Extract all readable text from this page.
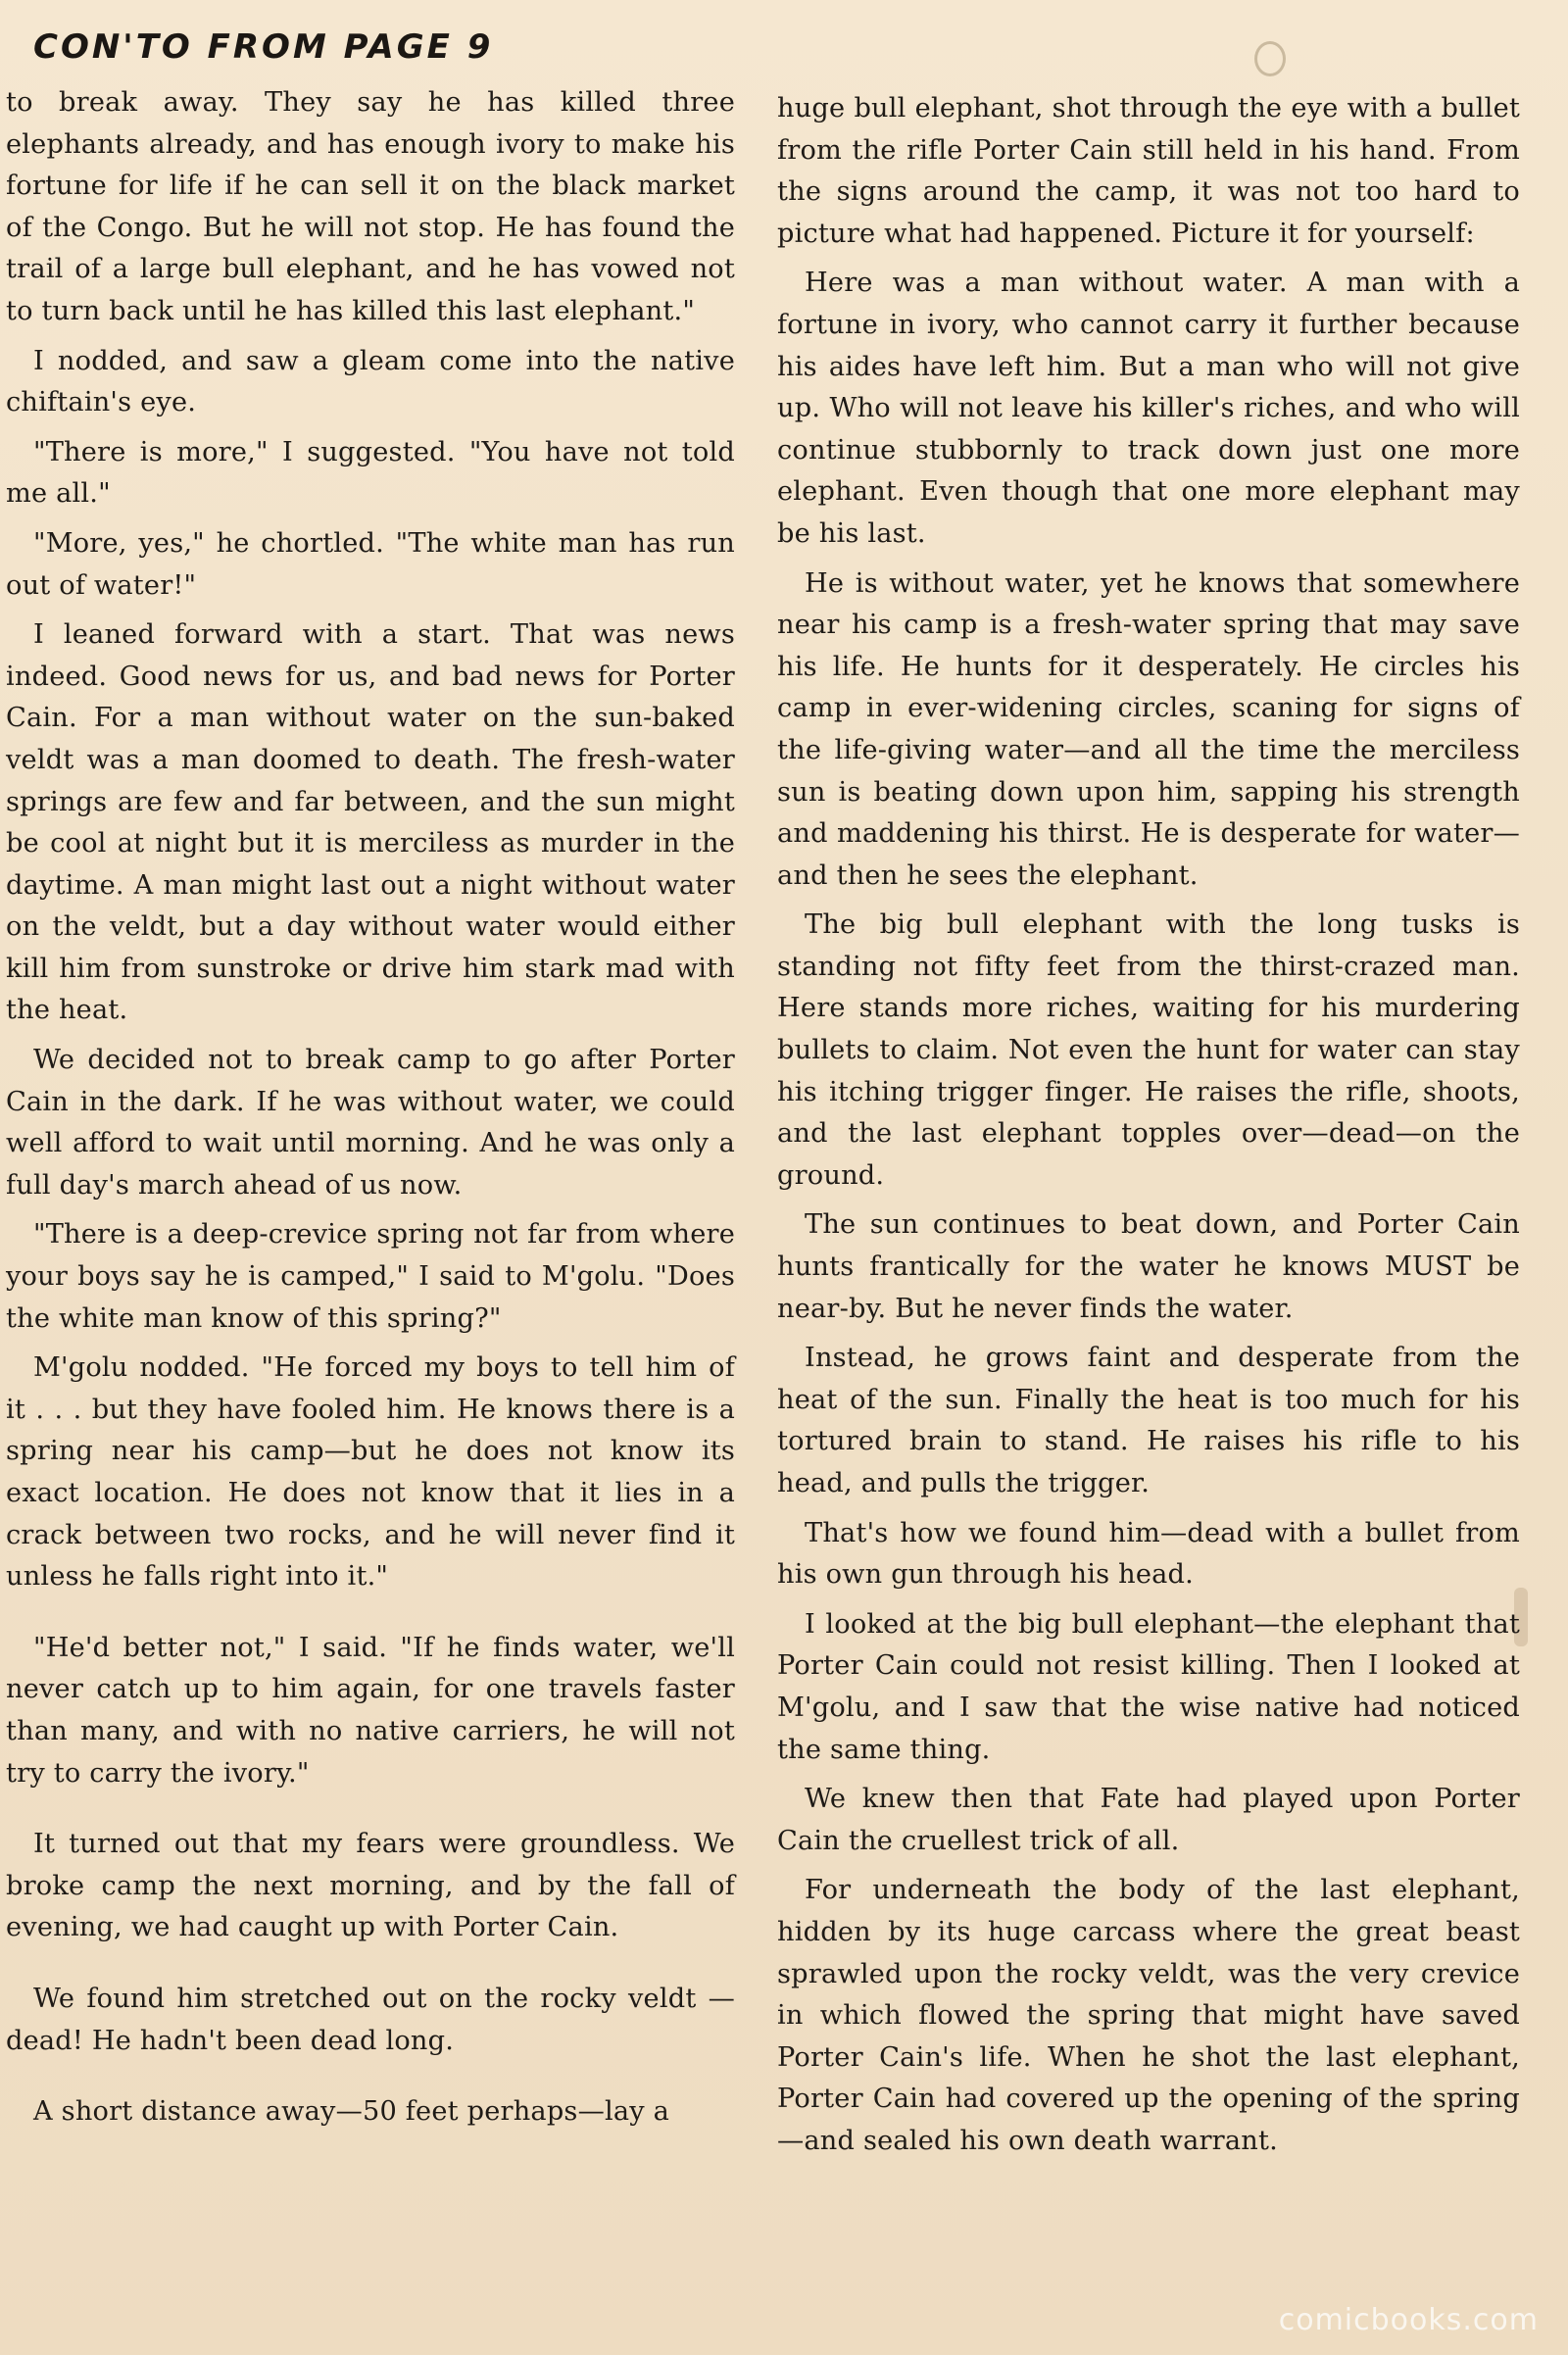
CON'TO FROM PAGE 9

to break away. They say he has killed three elephants already, and has enough ivory to make his fortune for life if he can sell it on the black market of the Congo. But he will not stop. He has found the trail of a large bull elephant, and he has vowed not to turn back until he has killed this last elephant."

I nodded, and saw a gleam come into the native chiftain's eye.

"There is more," I suggested. "You have not told me all."

"More, yes," he chortled. "The white man has run out of water!"

I leaned forward with a start. That was news indeed. Good news for us, and bad news for Porter Cain. For a man without water on the sun-baked veldt was a man doomed to death. The fresh-water springs are few and far between, and the sun might be cool at night but it is merciless as murder in the daytime. A man might last out a night without water on the veldt, but a day without water would either kill him from sunstroke or drive him stark mad with the heat.

We decided not to break camp to go after Porter Cain in the dark. If he was without water, we could well afford to wait until morning. And he was only a full day's march ahead of us now.

"There is a deep-crevice spring not far from where your boys say he is camped," I said to M'golu. "Does the white man know of this spring?"

M'golu nodded. "He forced my boys to tell him of it . . . but they have fooled him. He knows there is a spring near his camp—but he does not know its exact location. He does not know that it lies in a crack between two rocks, and he will never find it unless he falls right into it."

"He'd better not," I said. "If he finds water, we'll never catch up to him again, for one travels faster than many, and with no native carriers, he will not try to carry the ivory."

It turned out that my fears were groundless. We broke camp the next morning, and by the fall of evening, we had caught up with Porter Cain.

We found him stretched out on the rocky veldt —dead! He hadn't been dead long.

A short distance away—50 feet perhaps—lay a

huge bull elephant, shot through the eye with a bullet from the rifle Porter Cain still held in his hand. From the signs around the camp, it was not too hard to picture what had happened. Picture it for yourself:

Here was a man without water. A man with a fortune in ivory, who cannot carry it further because his aides have left him. But a man who will not give up. Who will not leave his killer's riches, and who will continue stubbornly to track down just one more elephant. Even though that one more elephant may be his last.

He is without water, yet he knows that somewhere near his camp is a fresh-water spring that may save his life. He hunts for it desperately. He circles his camp in ever-widening circles, scaning for signs of the life-giving water—and all the time the merciless sun is beating down upon him, sapping his strength and maddening his thirst. He is desperate for water—and then he sees the elephant.

The big bull elephant with the long tusks is standing not fifty feet from the thirst-crazed man. Here stands more riches, waiting for his murdering bullets to claim. Not even the hunt for water can stay his itching trigger finger. He raises the rifle, shoots, and the last elephant topples over—dead—on the ground.

The sun continues to beat down, and Porter Cain hunts frantically for the water he knows MUST be near-by. But he never finds the water.

Instead, he grows faint and desperate from the heat of the sun. Finally the heat is too much for his tortured brain to stand. He raises his rifle to his head, and pulls the trigger.

That's how we found him—dead with a bullet from his own gun through his head.

I looked at the big bull elephant—the elephant that Porter Cain could not resist killing. Then I looked at M'golu, and I saw that the wise native had noticed the same thing.

We knew then that Fate had played upon Porter Cain the cruellest trick of all.

For underneath the body of the last elephant, hidden by its huge carcass where the great beast sprawled upon the rocky veldt, was the very crevice in which flowed the spring that might have saved Porter Cain's life. When he shot the last elephant, Porter Cain had covered up the opening of the spring—and sealed his own death warrant.

comicbooks.com
